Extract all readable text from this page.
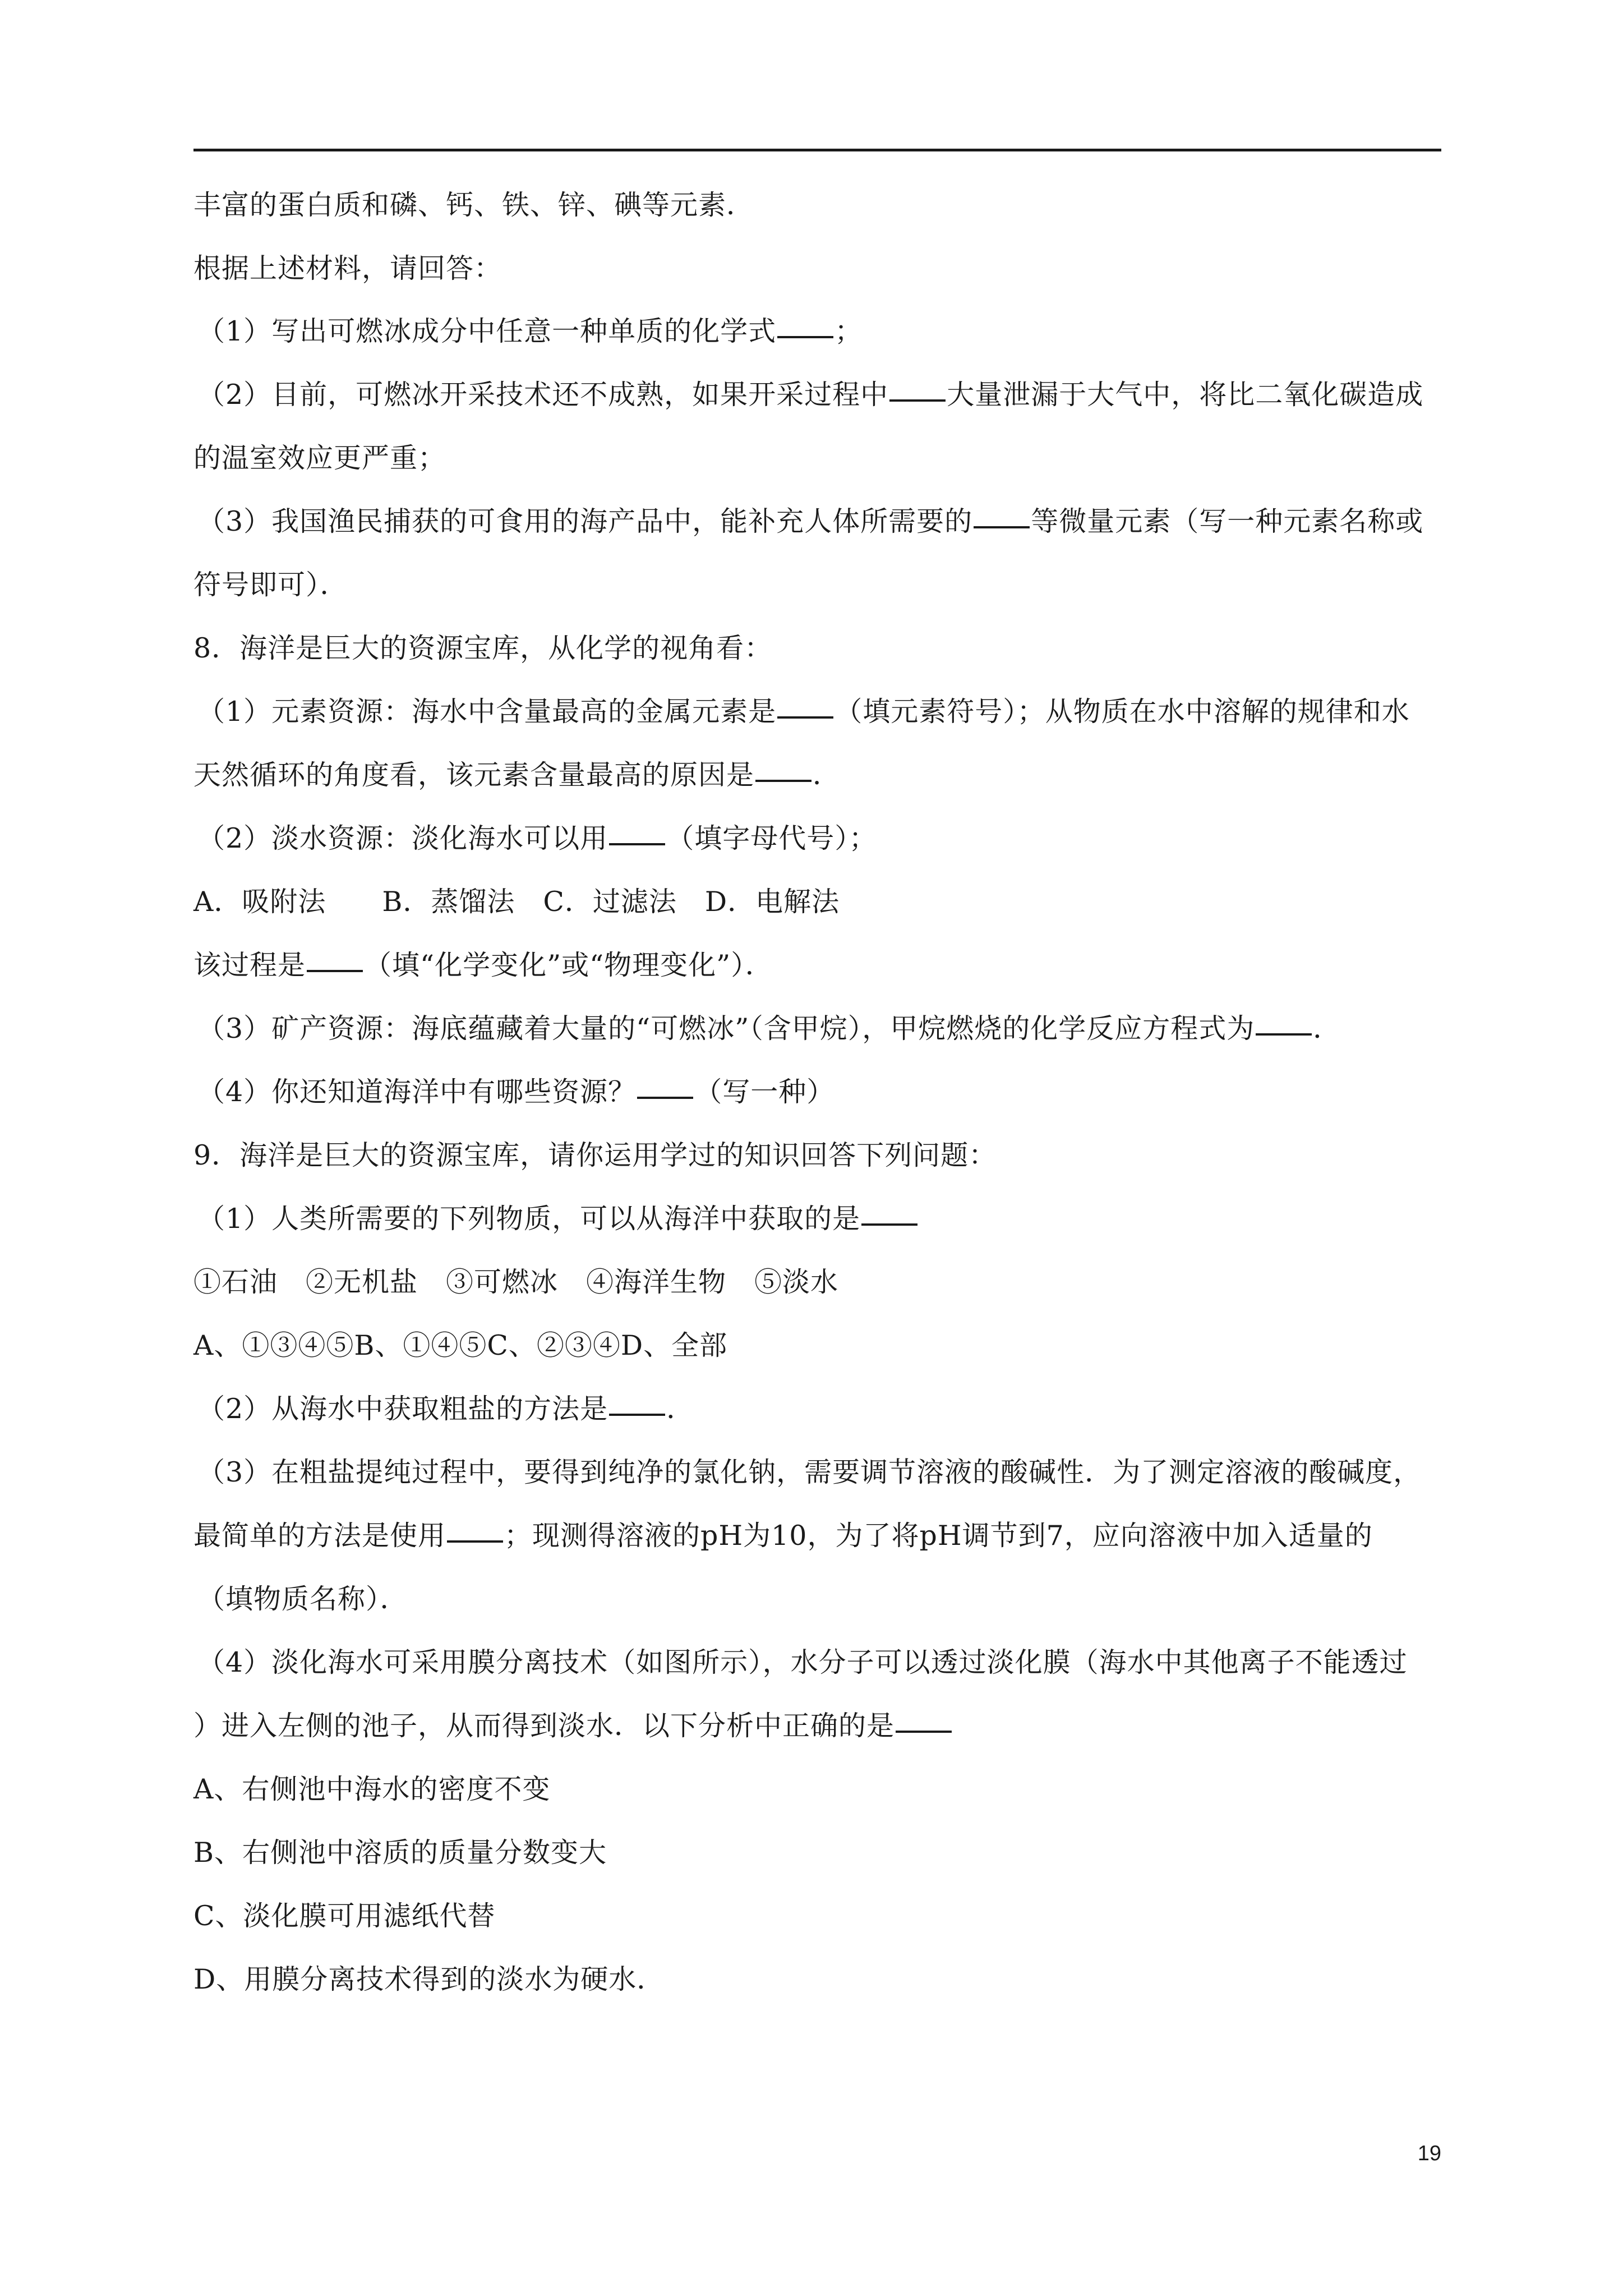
丰富的蛋白质和磷、钙、铁、锌、碘等元素．
根据上述材料，请回答：
（1）写出可燃冰成分中任意一种单质的化学式 ；
（2）目前，可燃冰开采技术还不成熟，如果开采过程中 大量泄漏于大气中，将比二氧化碳造成
的温室效应更严重；
（3）我国渔民捕获的可食用的海产品中，能补充人体所需要的 等微量元素（写一种元素名称或
符号即可）．
8．海洋是巨大的资源宝库，从化学的视角看：
（1）元素资源：海水中含量最高的金属元素是 （填元素符号）；从物质在水中溶解的规律和水
天然循环的角度看，该元素含量最高的原因是 ．
（2）淡水资源：淡化海水可以用 （填字母代号）；
A．吸附法　　B．蒸馏法　C．过滤法　D．电解法
该过程是 （填“化学变化”或“物理变化”）．
（3）矿产资源：海底蕴藏着大量的“可燃冰”（含甲烷），甲烷燃烧的化学反应方程式为 ．
（4）你还知道海洋中有哪些资源？ （写一种）
9．海洋是巨大的资源宝库，请你运用学过的知识回答下列问题：
（1）人类所需要的下列物质，可以从海洋中获取的是
①石油　②无机盐　③可燃冰　④海洋生物　⑤淡水
A、①③④⑤B、①④⑤C、②③④D、全部
（2）从海水中获取粗盐的方法是 ．
（3）在粗盐提纯过程中，要得到纯净的氯化钠，需要调节溶液的酸碱性．为了测定溶液的酸碱度，
最简单的方法是使用 ；现测得溶液的pH为10，为了将pH调节到7，应向溶液中加入适量的
（填物质名称）．
（4）淡化海水可采用膜分离技术（如图所示），水分子可以透过淡化膜（海水中其他离子不能透过
）进入左侧的池子，从而得到淡水．以下分析中正确的是
A、右侧池中海水的密度不变
B、右侧池中溶质的质量分数变大
C、淡化膜可用滤纸代替
D、用膜分离技术得到的淡水为硬水．
19
